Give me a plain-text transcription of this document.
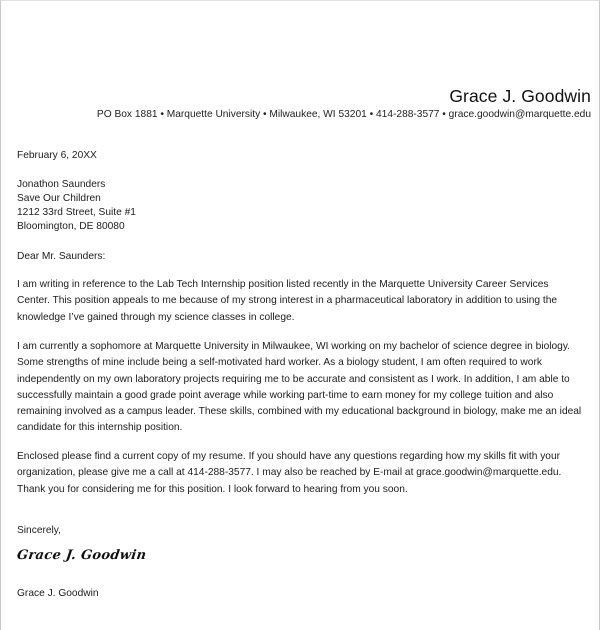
Grace J. Goodwin
PO Box 1881 • Marquette University • Milwaukee, WI 53201 • 414-288-3577 • grace.goodwin@marquette.edu
February 6, 20XX
Jonathon Saunders
Save Our Children
1212 33rd Street, Suite #1
Bloomington, DE 80080
Dear Mr. Saunders:
I am writing in reference to the Lab Tech Internship position listed recently in the Marquette University Career Services
Center. This position appeals to me because of my strong interest in a pharmaceutical laboratory in addition to using the
knowledge I’ve gained through my science classes in college.
I am currently a sophomore at Marquette University in Milwaukee, WI working on my bachelor of science degree in biology.
Some strengths of mine include being a self-motivated hard worker. As a biology student, I am often required to work
independently on my own laboratory projects requiring me to be accurate and consistent as I work. In addition, I am able to
successfully maintain a good grade point average while working part-time to earn money for my college tuition and also
remaining involved as a campus leader. These skills, combined with my educational background in biology, make me an ideal
candidate for this internship position.
Enclosed please find a current copy of my resume. If you should have any questions regarding how my skills fit with your
organization, please give me a call at 414-288-3577. I may also be reached by E-mail at grace.goodwin@marquette.edu.
Thank you for considering me for this position. I look forward to hearing from you soon.
Sincerely,
Grace J. Goodwin
Grace J. Goodwin
